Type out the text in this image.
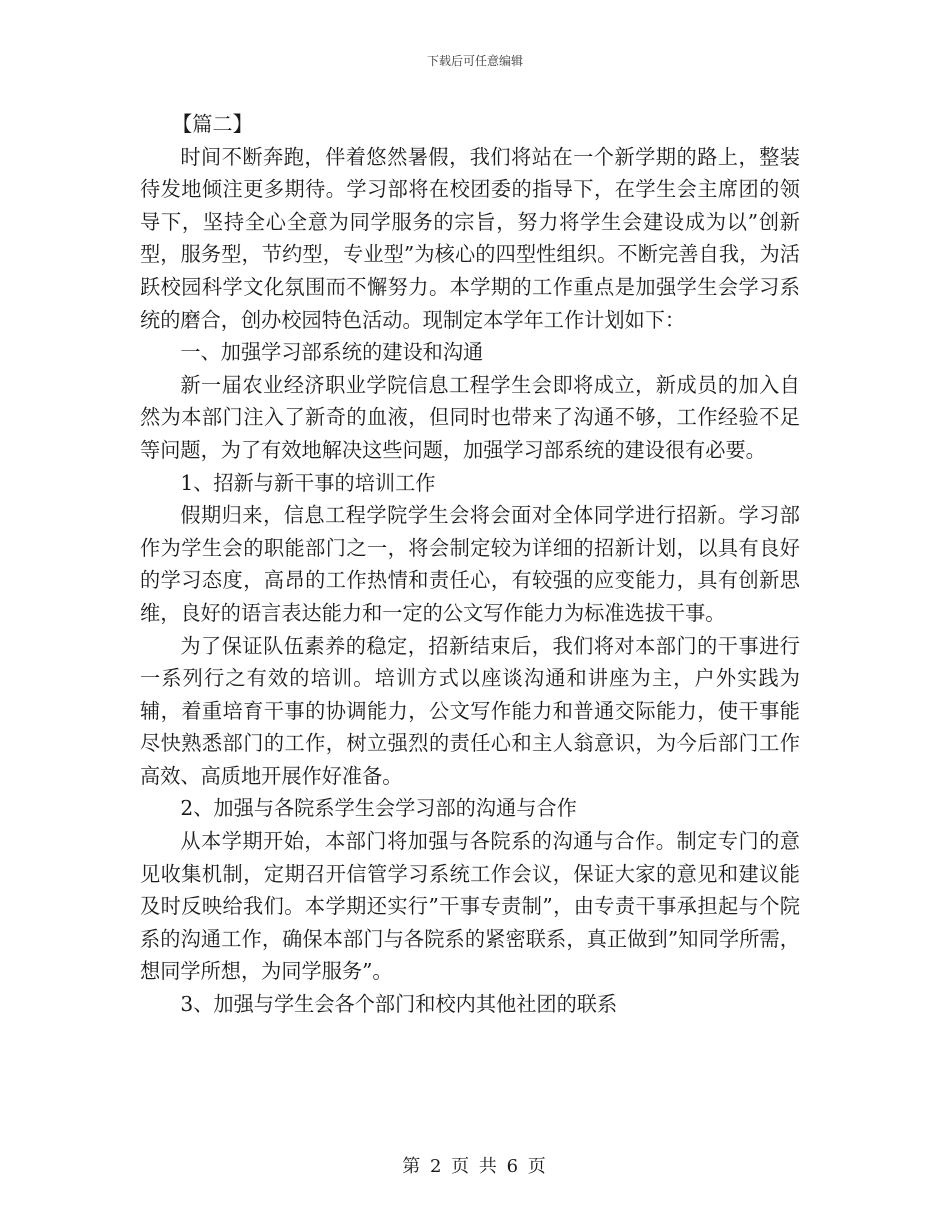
下载后可任意编辑

【篇二】

时间不断奔跑，伴着悠然暑假，我们将站在一个新学期的路上，整装待发地倾注更多期待。学习部将在校团委的指导下，在学生会主席团的领导下，坚持全心全意为同学服务的宗旨，努力将学生会建设成为以”创新型，服务型，节约型，专业型”为核心的四型性组织。不断完善自我，为活跃校园科学文化氛围而不懈努力。本学期的工作重点是加强学生会学习系统的磨合，创办校园特色活动。现制定本学年工作计划如下：

一、加强学习部系统的建设和沟通

新一届农业经济职业学院信息工程学生会即将成立，新成员的加入自然为本部门注入了新奇的血液，但同时也带来了沟通不够，工作经验不足等问题，为了有效地解决这些问题，加强学习部系统的建设很有必要。

1、招新与新干事的培训工作

假期归来，信息工程学院学生会将会面对全体同学进行招新。学习部作为学生会的职能部门之一，将会制定较为详细的招新计划，以具有良好的学习态度，高昂的工作热情和责任心，有较强的应变能力，具有创新思维，良好的语言表达能力和一定的公文写作能力为标准选拔干事。

为了保证队伍素养的稳定，招新结束后，我们将对本部门的干事进行一系列行之有效的培训。培训方式以座谈沟通和讲座为主，户外实践为辅，着重培育干事的协调能力，公文写作能力和普通交际能力，使干事能尽快熟悉部门的工作，树立强烈的责任心和主人翁意识，为今后部门工作高效、高质地开展作好准备。

2、加强与各院系学生会学习部的沟通与合作

从本学期开始，本部门将加强与各院系的沟通与合作。制定专门的意见收集机制，定期召开信管学习系统工作会议，保证大家的意见和建议能及时反映给我们。本学期还实行”干事专责制”，由专责干事承担起与个院系的沟通工作，确保本部门与各院系的紧密联系，真正做到”知同学所需，想同学所想，为同学服务”。

3、加强与学生会各个部门和校内其他社团的联系

第 2 页 共 6 页
